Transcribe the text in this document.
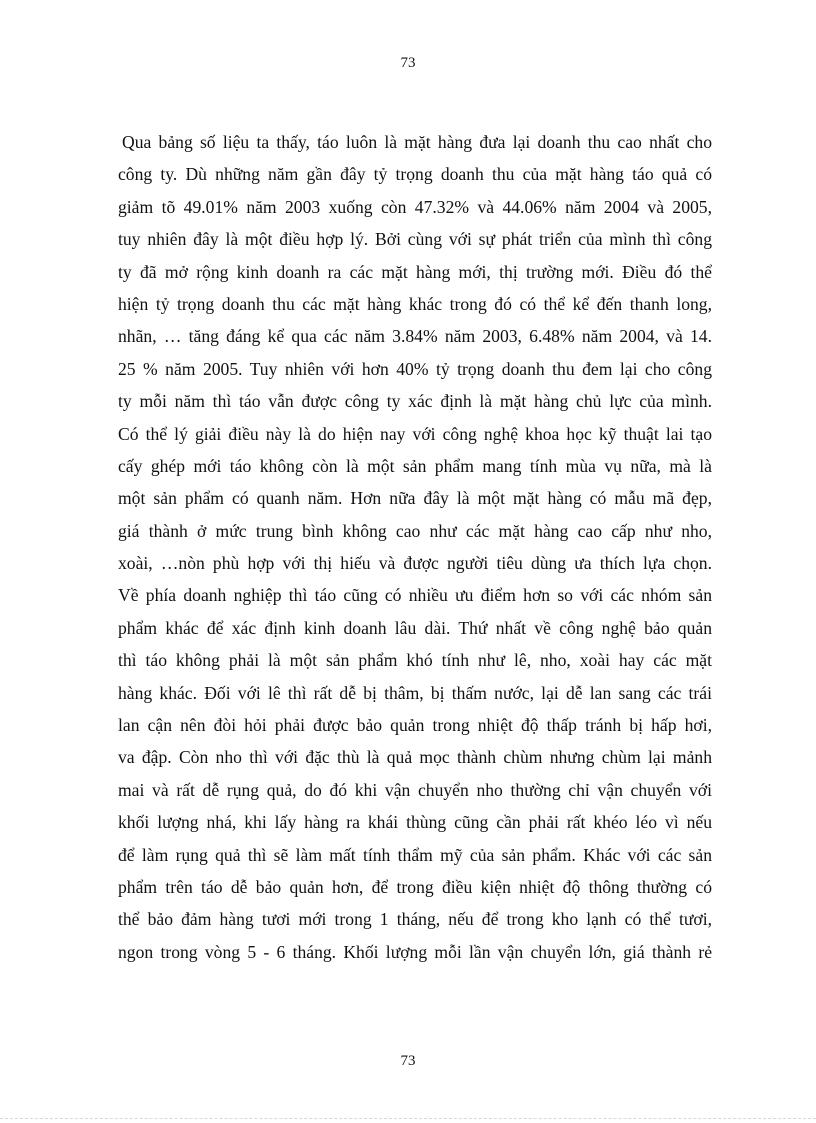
73
Qua bảng số liệu ta thấy, táo luôn là mặt hàng đưa lại doanh thu cao nhất cho
công ty. Dù những năm gần đây tỷ trọng doanh thu của mặt hàng táo quả có
giảm tõ 49.01% năm 2003 xuống còn 47.32% và 44.06% năm 2004 và 2005,
tuy nhiên đây là một điều hợp lý. Bởi cùng với sự phát triển của mình thì công
ty đã mở rộng kinh doanh ra các mặt hàng mới, thị trường mới. Điều đó thể
hiện tỷ trọng doanh thu các mặt hàng khác trong đó có thể kể đến thanh long,
nhãn, … tăng đáng kể qua các năm 3.84% năm 2003, 6.48% năm 2004, và 14.
25 % năm 2005. Tuy nhiên với hơn 40% tỷ trọng doanh thu đem lại cho công
ty mỗi năm thì táo vẫn được công ty xác định là mặt hàng chủ lực của mình.
Có thể lý giải điều này là do hiện nay với công nghệ khoa học kỹ thuật lai tạo
cấy ghép mới táo không còn là một sản phẩm mang tính mùa vụ nữa, mà là
một sản phẩm có quanh năm. Hơn nữa đây là một mặt hàng có mẫu mã đẹp,
giá thành ở mức trung bình không cao như các mặt hàng cao cấp như nho,
xoài, …nòn phù hợp với thị hiếu và được người tiêu dùng ưa thích lựa chọn.
Về phía doanh nghiệp thì táo cũng có nhiều ưu điểm hơn so với các nhóm sản
phẩm khác để xác định kinh doanh lâu dài. Thứ nhất về công nghệ bảo quản
thì táo không phải là một sản phẩm khó tính như lê, nho, xoài hay các mặt
hàng khác. Đối với lê thì rất dễ bị thâm, bị thấm nước, lại dễ lan sang các trái
lan cận nên đòi hỏi phải được bảo quản trong nhiệt độ thấp tránh bị hấp hơi,
va đập. Còn nho thì với đặc thù là quả mọc thành chùm nhưng chùm lại mảnh
mai và rất dễ rụng quả, do đó khi vận chuyển nho thường chỉ vận chuyển với
khối lượng nhá, khi lấy hàng ra khái thùng cũng cần phải rất khéo léo vì nếu
để làm rụng quả thì sẽ làm mất tính thẩm mỹ của sản phẩm. Khác với các sản
phẩm trên táo dễ bảo quản hơn, để trong điều kiện nhiệt độ thông thường có
thể bảo đảm hàng tươi mới trong 1 tháng, nếu để trong kho lạnh có thể tươi,
ngon trong vòng 5 - 6 tháng. Khối lượng mỗi lần vận chuyển lớn, giá thành rẻ
73
